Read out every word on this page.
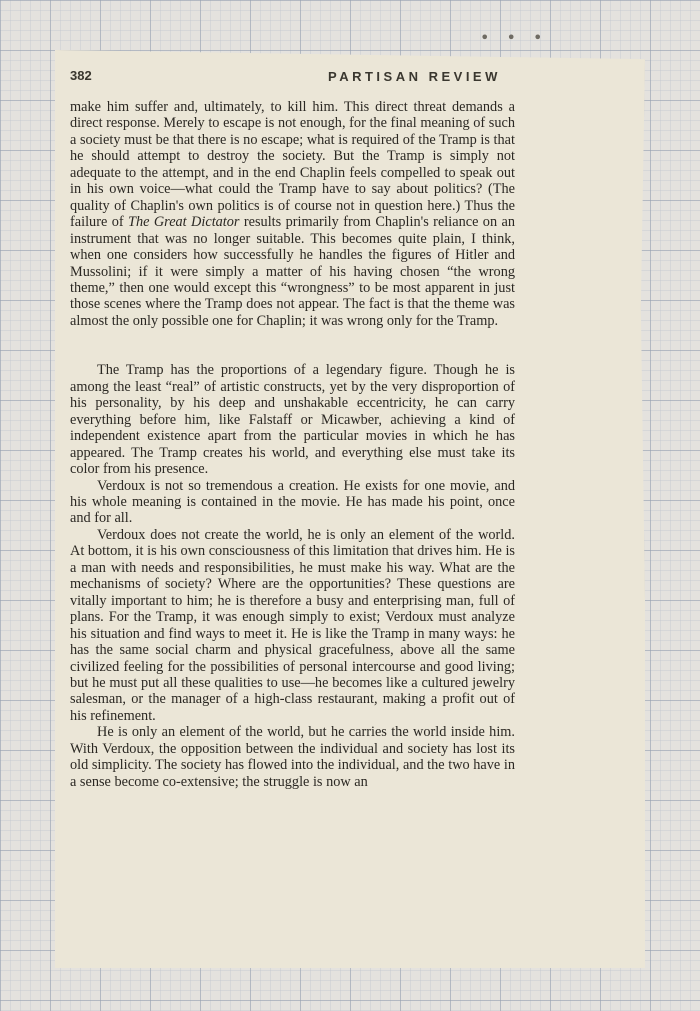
• • •
382	PARTISAN REVIEW

make him suffer and, ultimately, to kill him. This direct threat demands a direct response. Merely to escape is not enough, for the final meaning of such a society must be that there is no escape; what is required of the Tramp is that he should attempt to destroy the society. But the Tramp is simply not adequate to the attempt, and in the end Chaplin feels compelled to speak out in his own voice—what could the Tramp have to say about politics? (The quality of Chaplin's own politics is of course not in question here.) Thus the failure of The Great Dictator results primarily from Chaplin's reliance on an instrument that was no longer suitable. This becomes quite plain, I think, when one considers how successfully he handles the figures of Hitler and Mussolini; if it were simply a matter of his having chosen “the wrong theme,” then one would except this “wrongness” to be most apparent in just those scenes where the Tramp does not appear. The fact is that the theme was almost the only possible one for Chaplin; it was wrong only for the Tramp.

The Tramp has the proportions of a legendary figure. Though he is among the least “real” of artistic constructs, yet by the very disproportion of his personality, by his deep and unshakable eccentricity, he can carry everything before him, like Falstaff or Micawber, achieving a kind of independent existence apart from the particular movies in which he has appeared. The Tramp creates his world, and everything else must take its color from his presence.

Verdoux is not so tremendous a creation. He exists for one movie, and his whole meaning is contained in the movie. He has made his point, once and for all.

Verdoux does not create the world, he is only an element of the world. At bottom, it is his own consciousness of this limitation that drives him. He is a man with needs and responsibilities, he must make his way. What are the mechanisms of society? Where are the opportunities? These questions are vitally important to him; he is therefore a busy and enterprising man, full of plans. For the Tramp, it was enough simply to exist; Verdoux must analyze his situation and find ways to meet it. He is like the Tramp in many ways: he has the same social charm and physical gracefulness, above all the same civilized feeling for the possibilities of personal intercourse and good living; but he must put all these qualities to use—he becomes like a cultured jewelry salesman, or the manager of a high-class restaurant, making a profit out of his refinement.

He is only an element of the world, but he carries the world inside him. With Verdoux, the opposition between the individual and society has lost its old simplicity. The society has flowed into the individual, and the two have in a sense become co-extensive; the struggle is now an
